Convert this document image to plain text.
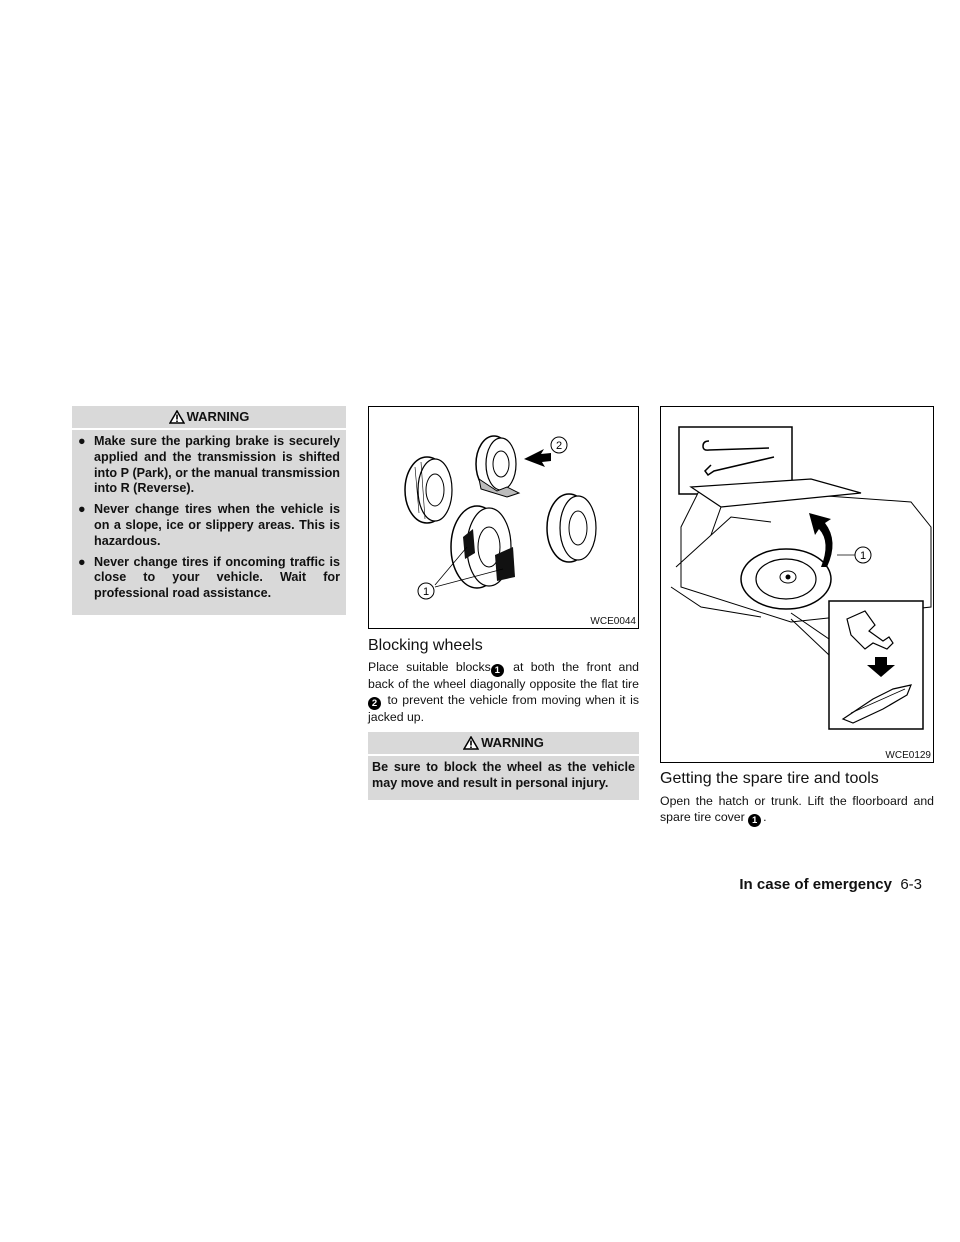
WARNING
● Make sure the parking brake is securely applied and the transmission is shifted into P (Park), or the manual transmission into R (Reverse).
● Never change tires when the vehicle is on a slope, ice or slippery areas. This is hazardous.
● Never change tires if oncoming traffic is close to your vehicle. Wait for professional road assistance.
2
1
WCE0044
Blocking wheels
Place suitable blocks 1 at both the front and back of the wheel diagonally opposite the flat tire 2 to prevent the vehicle from moving when it is jacked up.
WARNING
Be sure to block the wheel as the vehicle may move and result in personal injury.
1
WCE0129
Getting the spare tire and tools
Open the hatch or trunk. Lift the floorboard and spare tire cover 1 .
In case of emergency 6-3
